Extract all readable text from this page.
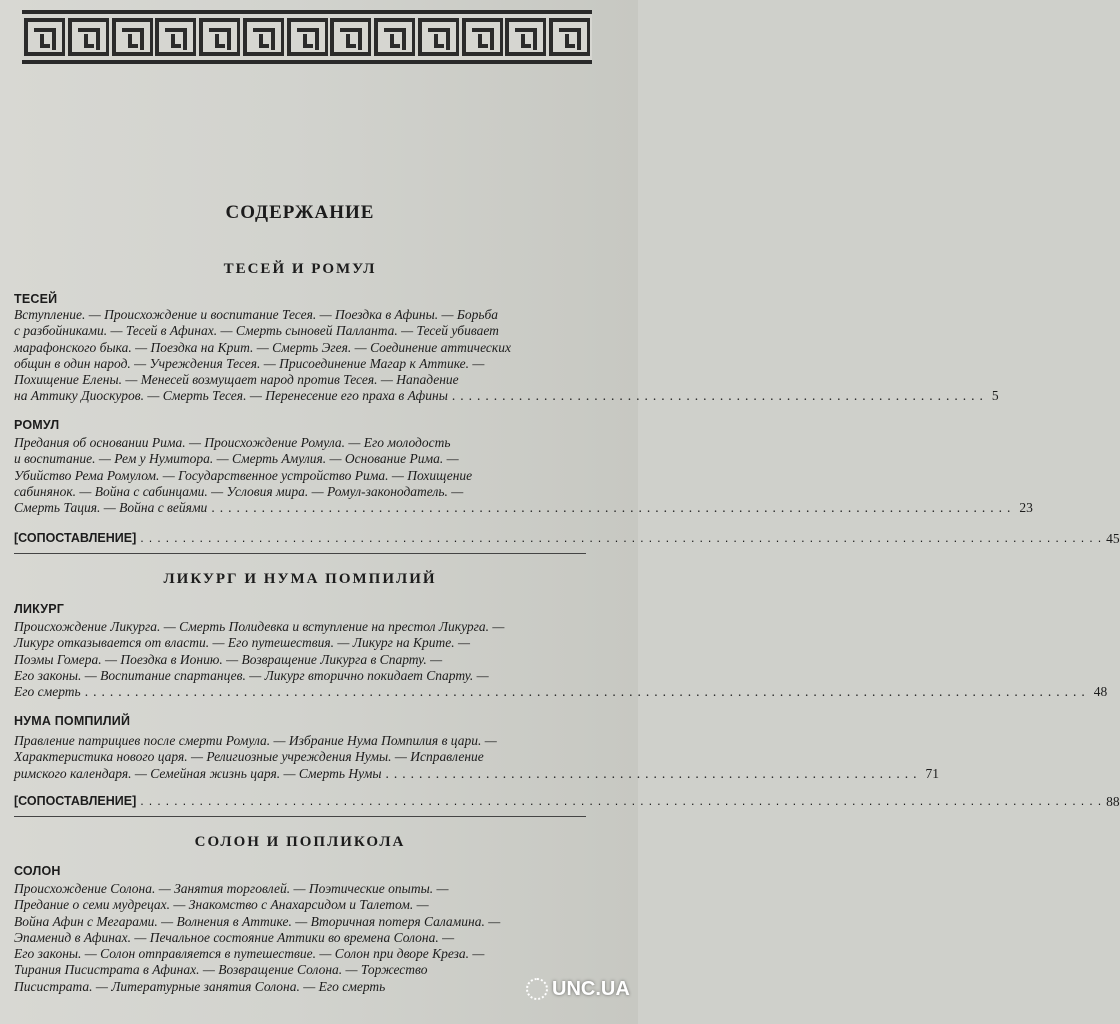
СОДЕРЖАНИЕ
ТЕСЕЙ И РОМУЛ
ТЕСЕЙ
Вступление. — Происхождение и воспитание Тесея. — Поездка в Афины. — Борьба
с разбойниками. — Тесей в Афинах. — Смерть сыновей Палланта. — Тесей убивает
марафонского быка. — Поездка на Крит. — Смерть Эгея. — Соединение аттических
общин в один народ. — Учреждения Тесея. — Присоединение Магар к Аттике. —
Похищение Елены. — Менесей возмущает народ против Тесея. — Нападение
на Аттику Диоскуров. — Смерть Тесея. — Перенесение его праха в Афины ................................................................ 5
РОМУЛ
Предания об основании Рима. — Происхождение Ромула. — Его молодость
и воспитание. — Рем у Нумитора. — Смерть Амулия. — Основание Рима. —
Убийство Рема Ромулом. — Государственное устройство Рима. — Похищение
сабинянок. — Война с сабинцами. — Условия мира. — Ромул-законодатель. —
Смерть Тация. — Война с вейями ................................................................................................ 23
[СОПОСТАВЛЕНИЕ] .................................................................................................................. 45
ЛИКУРГ И НУМА ПОМПИЛИЙ
ЛИКУРГ
Происхождение Ликурга. — Смерть Полидевка и вступление на престол Ликурга. —
Ликург отказывается от власти. — Его путешествия. — Ликург на Крите. —
Поэмы Гомера. — Поездка в Ионию. — Возвращение Ликурга в Спарту. —
Его законы. — Воспитание спартанцев. — Ликург вторично покидает Спарту. —
Его смерть ........................................................................................................................ 48
НУМА ПОМПИЛИЙ
Правление патрициев после смерти Ромула. — Избрание Нума Помпилия в цари. —
Характеристика нового царя. — Религиозные учреждения Нумы. — Исправление
римского календаря. — Семейная жизнь царя. — Смерть Нумы ................................................................ 71
[СОПОСТАВЛЕНИЕ] .................................................................................................................. 88
СОЛОН И ПОПЛИКОЛА
СОЛОН
Происхождение Солона. — Занятия торговлей. — Поэтические опыты. —
Предание о семи мудрецах. — Знакомство с Анахарсидом и Талетом. —
Война Афин с Мегарами. — Волнения в Аттике. — Вторичная потеря Саламина. —
Эпаменид в Афинах. — Печальное состояние Аттики во времена Солона. —
Его законы. — Солон отправляется в путешествие. — Солон при дворе Креза. —
Тирания Писистрата в Афинах. — Возвращение Солона. — Торжество
Писистрата. — Литературные занятия Солона. — Его смерть	UNC.UA
